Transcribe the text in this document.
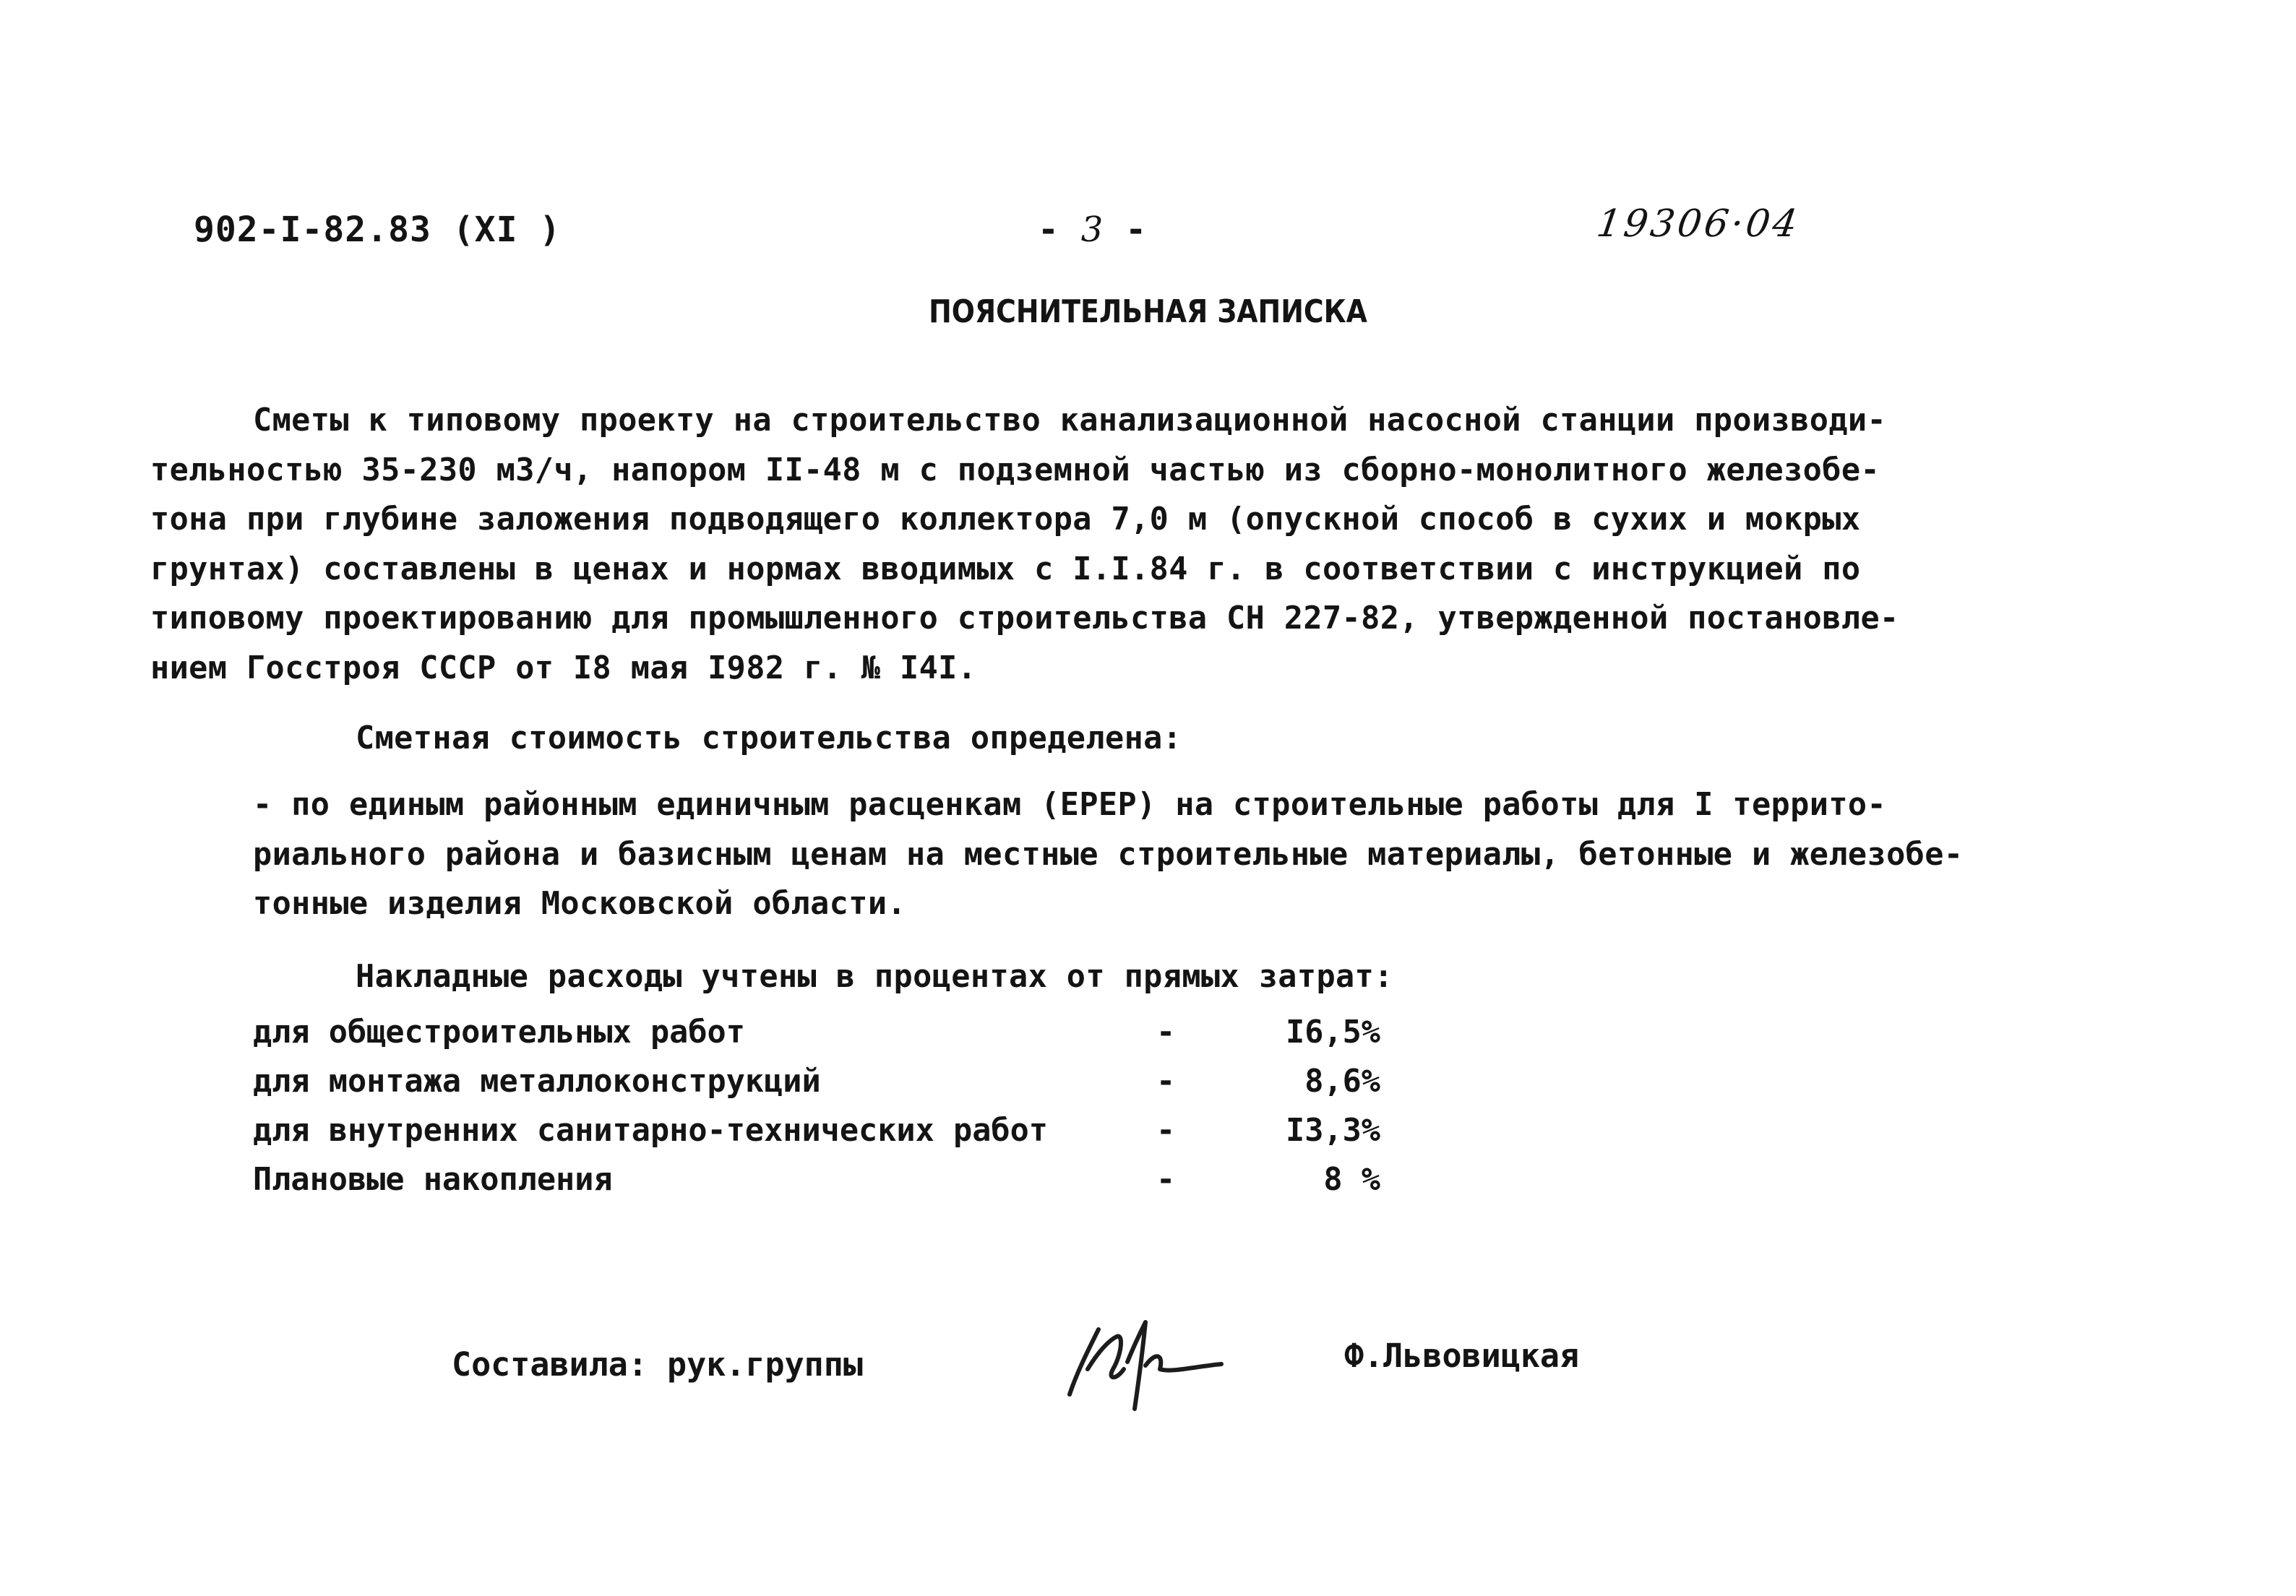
902-I-82.83 (XI )	- 3 -	19306·04
ПОЯСНИТЕЛЬНАЯ ЗАПИСКА
Сметы к типовому проекту на строительство канализационной насосной станции производи-
тельностью 35-230 м3/ч, напором II-48 м с подземной частью из сборно-монолитного железобе-
тона при глубине заложения подводящего коллектора 7,0 м (опускной способ в сухих и мокрых
грунтах) составлены в ценах и нормах вводимых с I.I.84 г. в соответствии с инструкцией по
типовому проектированию для промышленного строительства СН 227-82, утвержденной постановле-
нием Госстроя СССР от I8 мая I982 г. № I4I.
Сметная стоимость строительства определена:
- по единым районным единичным расценкам (ЕРЕР) на строительные работы для I террито-
риального района и базисным ценам на местные строительные материалы, бетонные и железобе-
тонные изделия Московской области.
Накладные расходы учтены в процентах от прямых затрат:
для общестроительных работ	-	I6,5%
для монтажа металлоконструкций	-	8,6%
для внутренних санитарно-технических работ	-	I3,3%
Плановые накопления	-	8 %
Составила: рук.группы	Ф.Львовицкая
